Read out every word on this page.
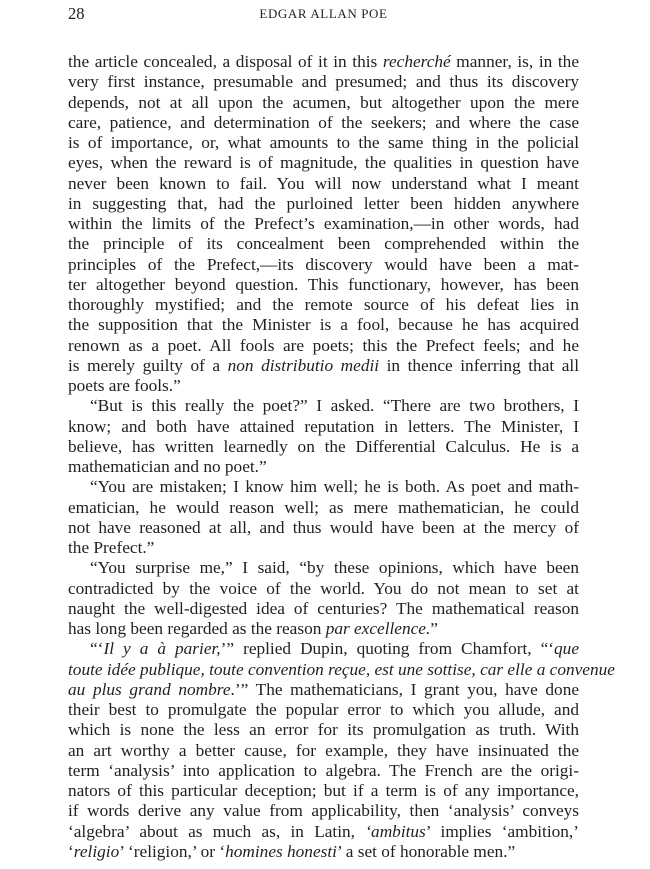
28	EDGAR ALLAN POE
the article concealed, a disposal of it in this recherché manner, is, in the
very first instance, presumable and presumed; and thus its discovery
depends, not at all upon the acumen, but altogether upon the mere
care, patience, and determination of the seekers; and where the case
is of importance, or, what amounts to the same thing in the policial
eyes, when the reward is of magnitude, the qualities in question have
never been known to fail. You will now understand what I meant
in suggesting that, had the purloined letter been hidden anywhere
within the limits of the Prefect’s examination,—in other words, had
the principle of its concealment been comprehended within the
principles of the Prefect,—its discovery would have been a mat-
ter altogether beyond question. This functionary, however, has been
thoroughly mystified; and the remote source of his defeat lies in
the supposition that the Minister is a fool, because he has acquired
renown as a poet. All fools are poets; this the Prefect feels; and he
is merely guilty of a non distributio medii in thence inferring that all
poets are fools.”
“But is this really the poet?” I asked. “There are two brothers, I
know; and both have attained reputation in letters. The Minister, I
believe, has written learnedly on the Differential Calculus. He is a
mathematician and no poet.”
“You are mistaken; I know him well; he is both. As poet and math-
ematician, he would reason well; as mere mathematician, he could
not have reasoned at all, and thus would have been at the mercy of
the Prefect.”
“You surprise me,” I said, “by these opinions, which have been
contradicted by the voice of the world. You do not mean to set at
naught the well-digested idea of centuries? The mathematical reason
has long been regarded as the reason par excellence.”
“‘Il y a à parier,’” replied Dupin, quoting from Chamfort, “‘que
toute idée publique, toute convention reçue, est une sottise, car elle a convenue
au plus grand nombre.’” The mathematicians, I grant you, have done
their best to promulgate the popular error to which you allude, and
which is none the less an error for its promulgation as truth. With
an art worthy a better cause, for example, they have insinuated the
term ‘analysis’ into application to algebra. The French are the origi-
nators of this particular deception; but if a term is of any importance,
if words derive any value from applicability, then ‘analysis’ conveys
‘algebra’ about as much as, in Latin, ‘ambitus’ implies ‘ambition,’
‘religio’ ‘religion,’ or ‘homines honesti’ a set of honorable men.”
